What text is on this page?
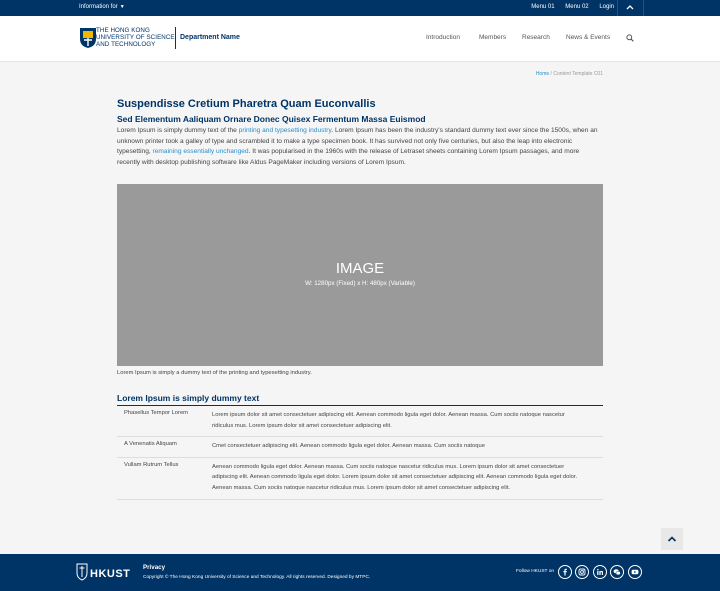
Information for ▼	Menu 01 Menu 02 Login
THE HONG KONG
UNIVERSITY OF SCIENCE
AND TECHNOLOGY
Department Name	Introduction	Members Research News & Events
Home / Content Template C01
Suspendisse Cretium Pharetra Quam Euconvallis
Sed Elementum Aaliquam Ornare Donec Quisex Fermentum Massa Euismod
Lorem Ipsum is simply dummy text of the printing and typesetting industry. Lorem Ipsum has been the industry's standard dummy text ever since the 1500s, when an unknown printer took a galley of type and scrambled it to make a type specimen book. It has survived not only five centuries, but also the leap into electronic typesetting, remaining essentially unchanged. It was popularised in the 1960s with the release of Letraset sheets containing Lorem Ipsum passages, and more recently with desktop publishing software like Aldus PageMaker including versions of Lorem Ipsum.
IMAGE
W: 1280px (Fixed) x H: 480px (Variable)
Lorem Ipsum is simply a dummy text of the printing and typesetting industry.
Lorem Ipsum is simply dummy text
Phasellus Tempor Lorem	Lorem ipsum dolor sit amet consectetuer adipiscing elit. Aenean commodo ligula eget dolor. Aenean massa. Cum sociis natoque nascetur ridiculus mus. Lorem ipsum dolor sit amet consectetuer adipiscing elit.
A Venenatis Aliquam	Cmet consectetuer adipiscing elit. Aenean commodo ligula eget dolor. Aenean massa. Cum sociis natoque
Vullam Rutrum Tellus	Aenean commodo ligula eget dolor. Aenean massa. Cum sociis natoque nascetur ridiculus mus. Lorem ipsum dolor sit amet consectetuer adipiscing elit. Aenean commodo ligula eget dolor. Lorem ipsum dolor sit amet consectetuer adipiscing elit. Aenean commodo ligula eget dolor. Aenean massa. Cum sociis natoque nascetur ridiculus mus. Lorem ipsum dolor sit amet consectetuer adipiscing elit.
HKUST
Privacy
Copyright © The Hong Kong University of Science and Technology. All rights reserved. Designed by MTPC.
Follow HKUST on
